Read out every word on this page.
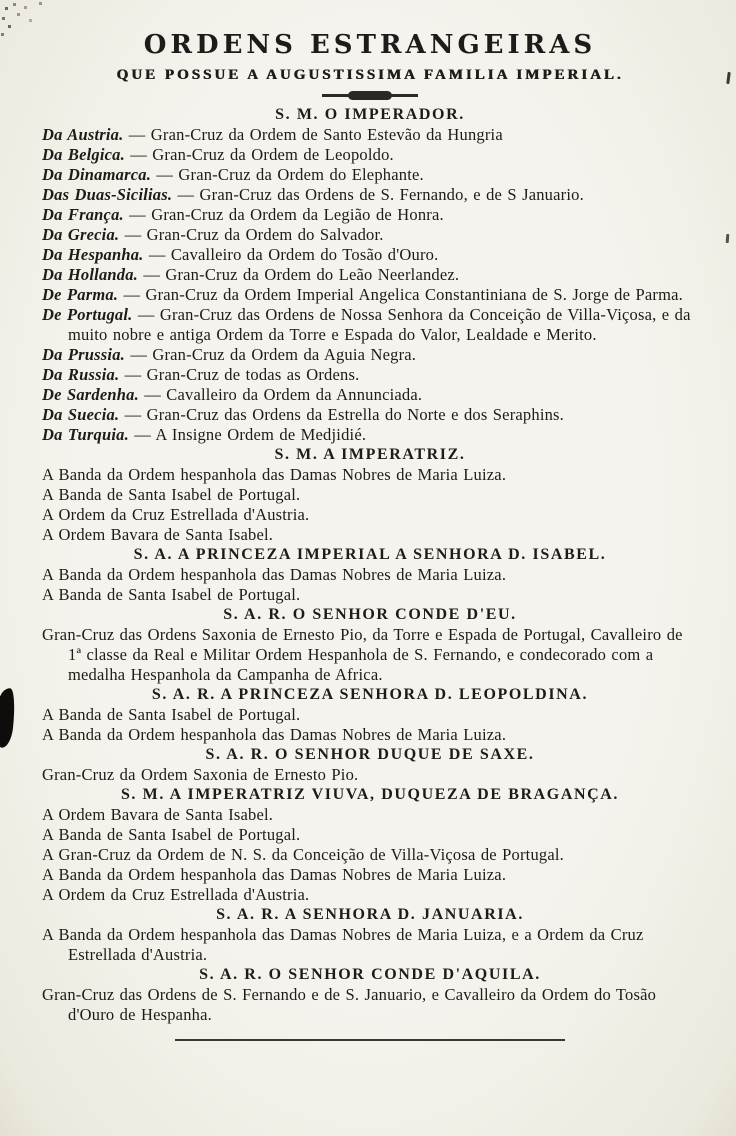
ORDENS ESTRANGEIRAS
QUE POSSUE A AUGUSTISSIMA FAMILIA IMPERIAL.
S. M. O IMPERADOR.

Da Austria. — Gran-Cruz da Ordem de Santo Estevão da Hungria

Da Belgica. — Gran-Cruz da Ordem de Leopoldo.

Da Dinamarca. — Gran-Cruz da Ordem do Elephante.

Das Duas-Sicilias. — Gran-Cruz das Ordens de S. Fernando, e de S Januario.

Da França. — Gran-Cruz da Ordem da Legião de Honra.

Da Grecia. — Gran-Cruz da Ordem do Salvador.

Da Hespanha. — Cavalleiro da Ordem do Tosão d'Ouro.

Da Hollanda. — Gran-Cruz da Ordem do Leão Neerlandez.

De Parma. — Gran-Cruz da Ordem Imperial Angelica Constantiniana de S. Jorge de Parma.

De Portugal. — Gran-Cruz das Ordens de Nossa Senhora da Conceição de Villa-Viçosa, e da muito nobre e antiga Ordem da Torre e Espada do Valor, Lealdade e Merito.

Da Prussia. — Gran-Cruz da Ordem da Aguia Negra.

Da Russia. — Gran-Cruz de todas as Ordens.

De Sardenha. — Cavalleiro da Ordem da Annunciada.

Da Suecia. — Gran-Cruz das Ordens da Estrella do Norte e dos Seraphins.

Da Turquia. — A Insigne Ordem de Medjidié.

S. M. A IMPERATRIZ.

A Banda da Ordem hespanhola das Damas Nobres de Maria Luiza.

A Banda de Santa Isabel de Portugal.

A Ordem da Cruz Estrellada d'Austria.

A Ordem Bavara de Santa Isabel.

S. A. A PRINCEZA IMPERIAL A SENHORA D. ISABEL.

A Banda da Ordem hespanhola das Damas Nobres de Maria Luiza.

A Banda de Santa Isabel de Portugal.

S. A. R. O SENHOR CONDE D'EU.

Gran-Cruz das Ordens Saxonia de Ernesto Pio, da Torre e Espada de Portugal, Cavalleiro de 1ª classe da Real e Militar Ordem Hespanhola de S. Fernando, e condecorado com a medalha Hespanhola da Campanha de Africa.

S. A. R. A PRINCEZA SENHORA D. LEOPOLDINA.

A Banda de Santa Isabel de Portugal.

A Banda da Ordem hespanhola das Damas Nobres de Maria Luiza.

S. A. R. O SENHOR DUQUE DE SAXE.

Gran-Cruz da Ordem Saxonia de Ernesto Pio.

S. M. A IMPERATRIZ VIUVA, DUQUEZA DE BRAGANÇA.

A Ordem Bavara de Santa Isabel.

A Banda de Santa Isabel de Portugal.

A Gran-Cruz da Ordem de N. S. da Conceição de Villa-Viçosa de Portugal.

A Banda da Ordem hespanhola das Damas Nobres de Maria Luiza.

A Ordem da Cruz Estrellada d'Austria.

S. A. R. A SENHORA D. JANUARIA.

A Banda da Ordem hespanhola das Damas Nobres de Maria Luiza, e a Ordem da Cruz Estrellada d'Austria.

S. A. R. O SENHOR CONDE D'AQUILA.

Gran-Cruz das Ordens de S. Fernando e de S. Januario, e Cavalleiro da Ordem do Tosão d'Ouro de Hespanha.
